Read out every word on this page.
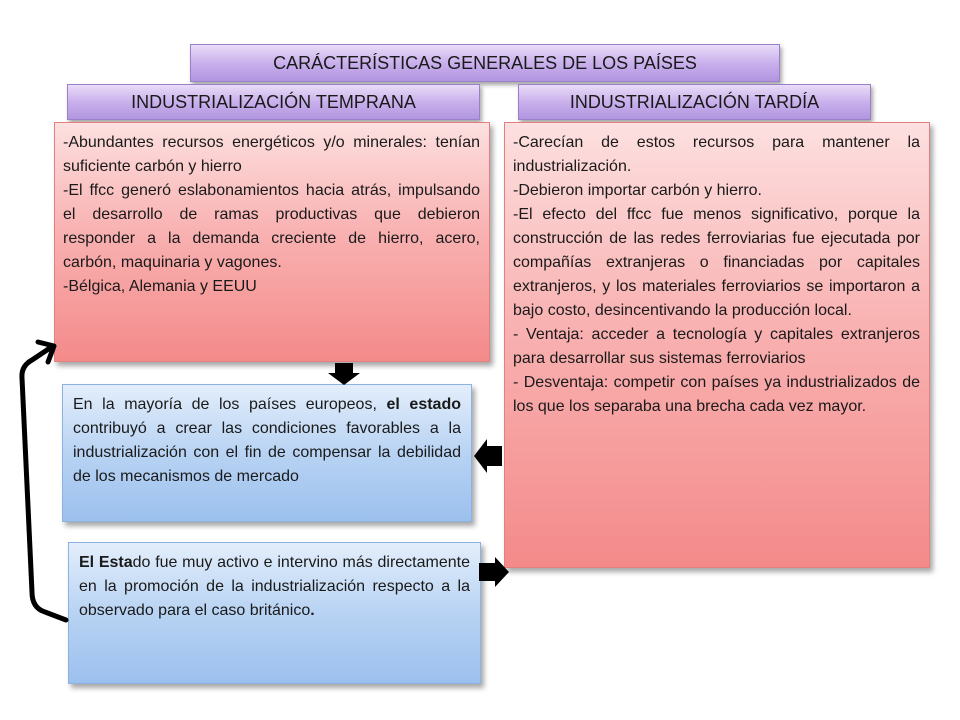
CARÁCTERÍSTICAS GENERALES DE LOS PAÍSES
INDUSTRIALIZACIÓN TEMPRANA	INDUSTRIALIZACIÓN TARDÍA

-Abundantes recursos energéticos y/o minerales: tenían suficiente carbón y hierro

-El ffcc generó eslabonamientos hacia atrás, impulsando el desarrollo de ramas productivas que debieron responder a la demanda creciente de hierro, acero, carbón, maquinaria y vagones.

-Bélgica, Alemania y EEUU

-Carecían de estos recursos para mantener la industrialización.

-Debieron importar carbón y hierro.

-El efecto del ffcc fue menos significativo, porque la construcción de las redes ferroviarias fue ejecutada por compañías extranjeras o financiadas por capitales extranjeros, y los materiales ferroviarios se importaron a bajo costo, desincentivando la producción local.

- Ventaja: acceder a tecnología y capitales extranjeros para desarrollar sus sistemas ferroviarios

- Desventaja: competir con países ya industrializados de los que los separaba una brecha cada vez mayor.

En la mayoría de los países europeos, el estado contribuyó a crear las condiciones favorables a la industrialización con el fin de compensar la debilidad de los mecanismos de mercado

El Estado fue muy activo e intervino más directamente en la promoción de la industrialización respecto a la observado para el caso británico.
